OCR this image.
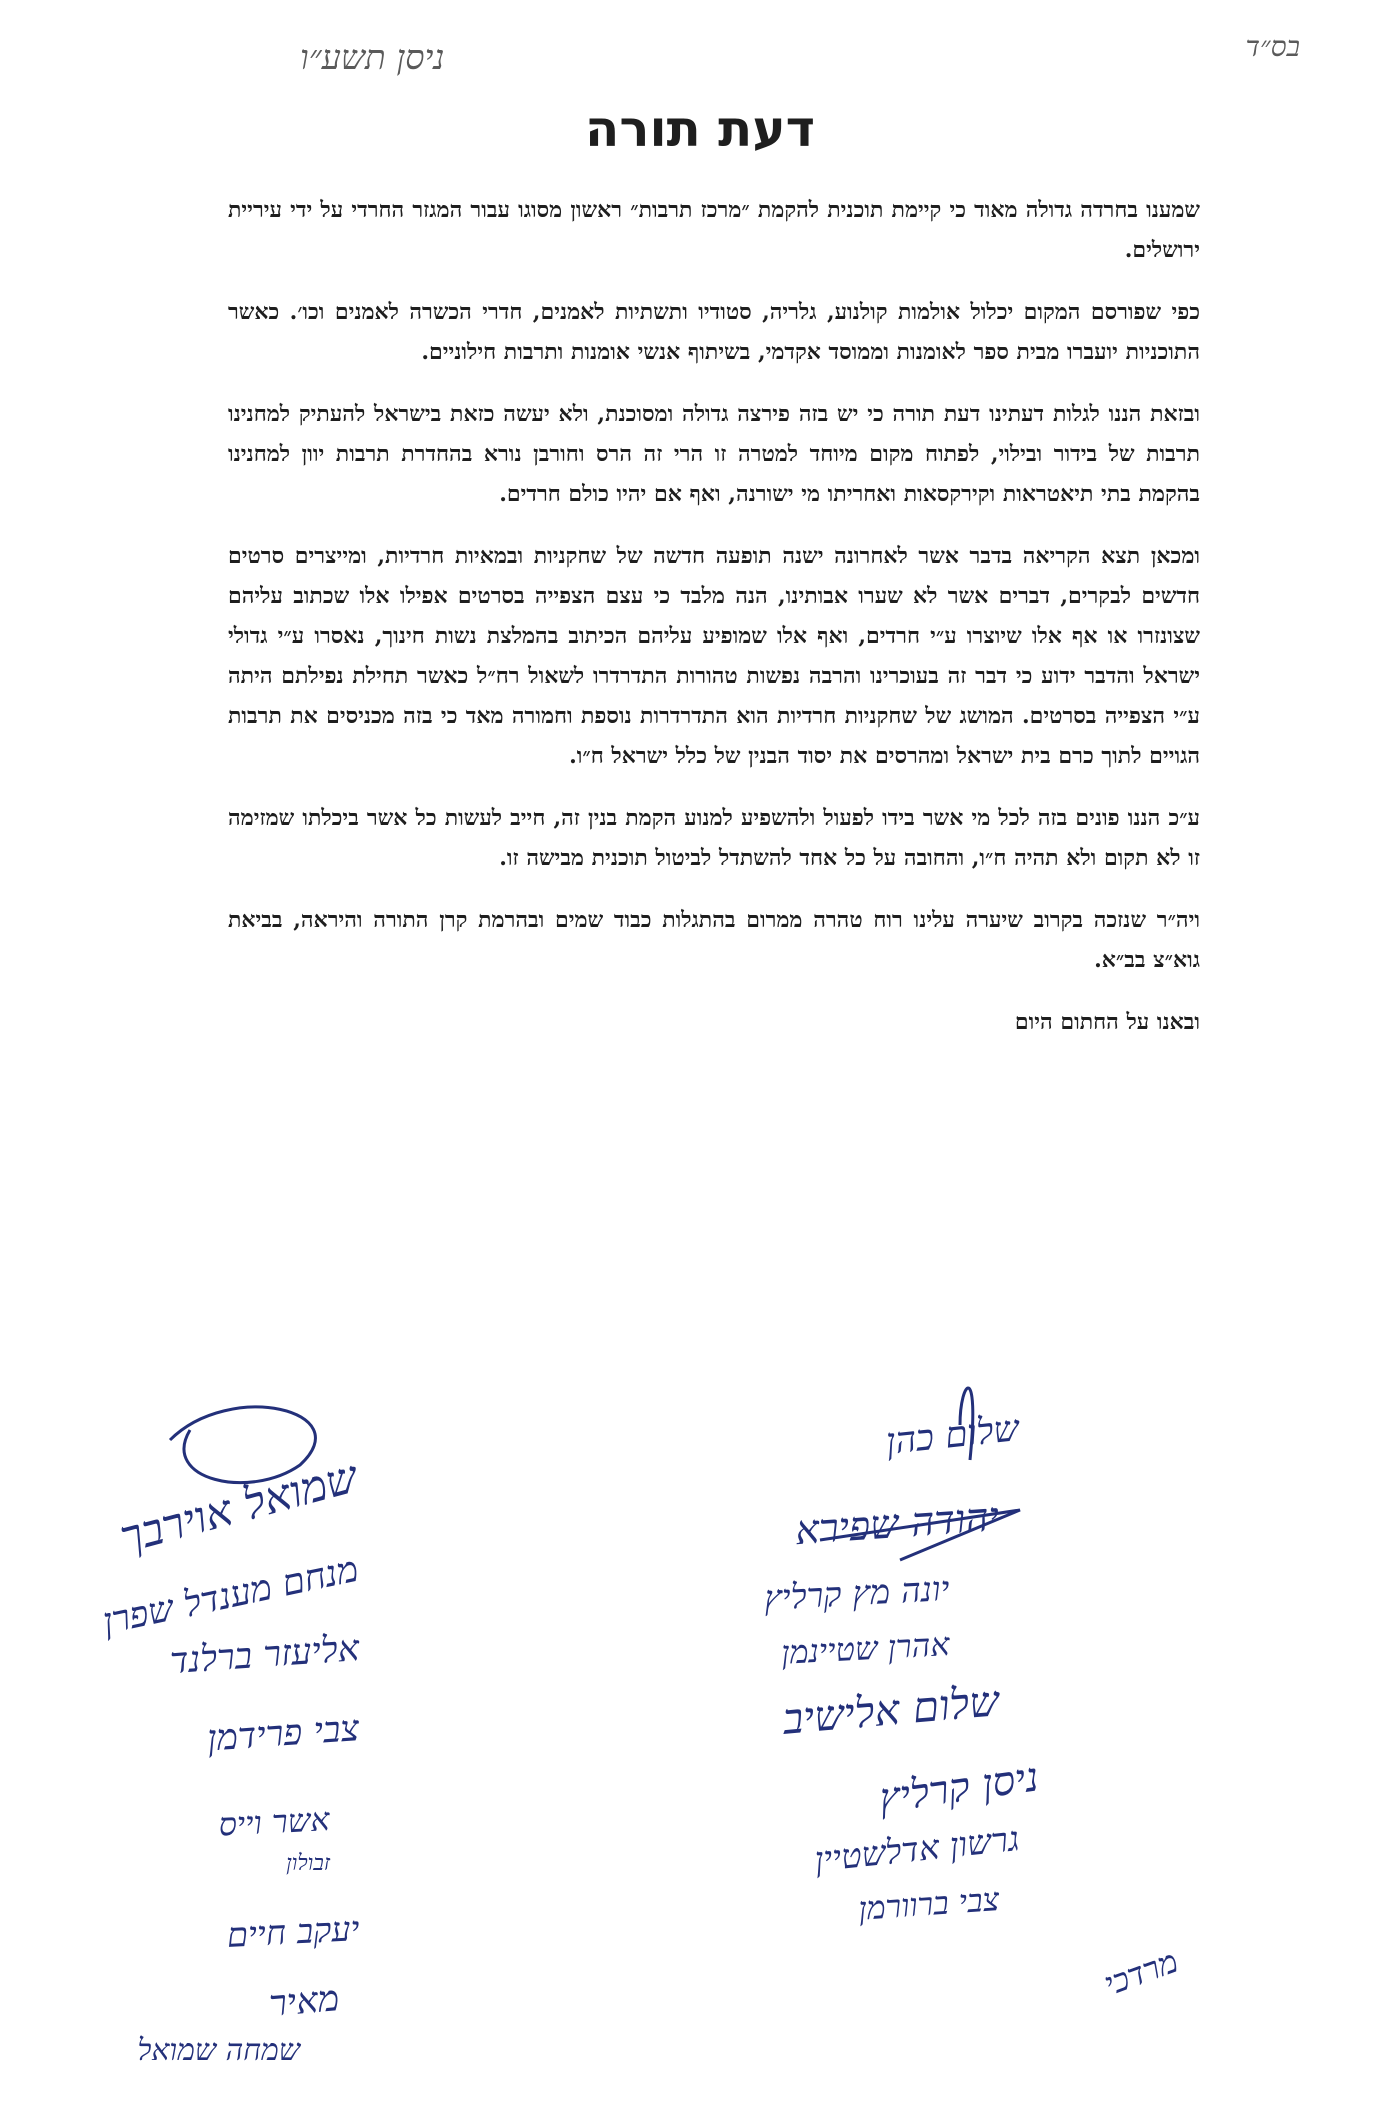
ניסן תשע״ו	בס״ד
דעת תורה

שמענו בחרדה גדולה מאוד כי קיימת תוכנית להקמת ״מרכז תרבות״ ראשון מסוגו עבור המגזר החרדי על ידי עיריית ירושלים.

כפי שפורסם המקום יכלול אולמות קולנוע, גלריה, סטודיו ותשתיות לאמנים, חדרי הכשרה לאמנים וכו׳. כאשר התוכניות יועברו מבית ספר לאומנות וממוסד אקדמי, בשיתוף אנשי אומנות ותרבות חילוניים.

ובזאת הננו לגלות דעתינו דעת תורה כי יש בזה פירצה גדולה ומסוכנת, ולא יעשה כזאת בישראל להעתיק למחנינו תרבות של בידור ובילוי, לפתוח מקום מיוחד למטרה זו הרי זה הרס וחורבן נורא בהחדרת תרבות יוון למחנינו בהקמת בתי תיאטראות וקירקסאות ואחריתו מי ישורנה, ואף אם יהיו כולם חרדים.

ומכאן תצא הקריאה בדבר אשר לאחרונה ישנה תופעה חדשה של שחקניות ובמאיות חרדיות, ומייצרים סרטים חדשים לבקרים, דברים אשר לא שערו אבותינו, הנה מלבד כי עצם הצפייה בסרטים אפילו אלו שכתוב עליהם שצונזרו או אף אלו שיוצרו ע״י חרדים, ואף אלו שמופיע עליהם הכיתוב בהמלצת נשות חינוך, נאסרו ע״י גדולי ישראל והדבר ידוע כי דבר זה בעוכרינו והרבה נפשות טהורות התדרדרו לשאול רח״ל כאשר תחילת נפילתם היתה ע״י הצפייה בסרטים. המושג של שחקניות חרדיות הוא התדרדרות נוספת וחמורה מאד כי בזה מכניסים את תרבות הגויים לתוך כרם בית ישראל ומהרסים את יסוד הבנין של כלל ישראל ח״ו.

ע״כ הננו פונים בזה לכל מי אשר בידו לפעול ולהשפיע למנוע הקמת בנין זה, חייב לעשות כל אשר ביכלתו שמזימה זו לא תקום ולא תהיה ח״ו, והחובה על כל אחד להשתדל לביטול תוכנית מבישה זו.

ויה״ר שנזכה בקרוב שיערה עלינו רוח טהרה ממרום בהתגלות כבוד שמים ובהרמת קרן התורה והיראה, בביאת גוא״צ בב״א.

ובאנו על החתום היום

שלום כהן
יהודה שפירא
יונה מץ קרליץ
אהרן שטיינמן
שלום אלישיב
ניסן קרליץ
גרשון אדלשטיין
צבי ברוורמן
מרדכי
שמואל אוירבך
מנחם מענדל שפרן
אליעזר ברלנד
צבי פרידמן
אשר וייס
זבולון
יעקב חיים
מאיר
שמחה שמואל
